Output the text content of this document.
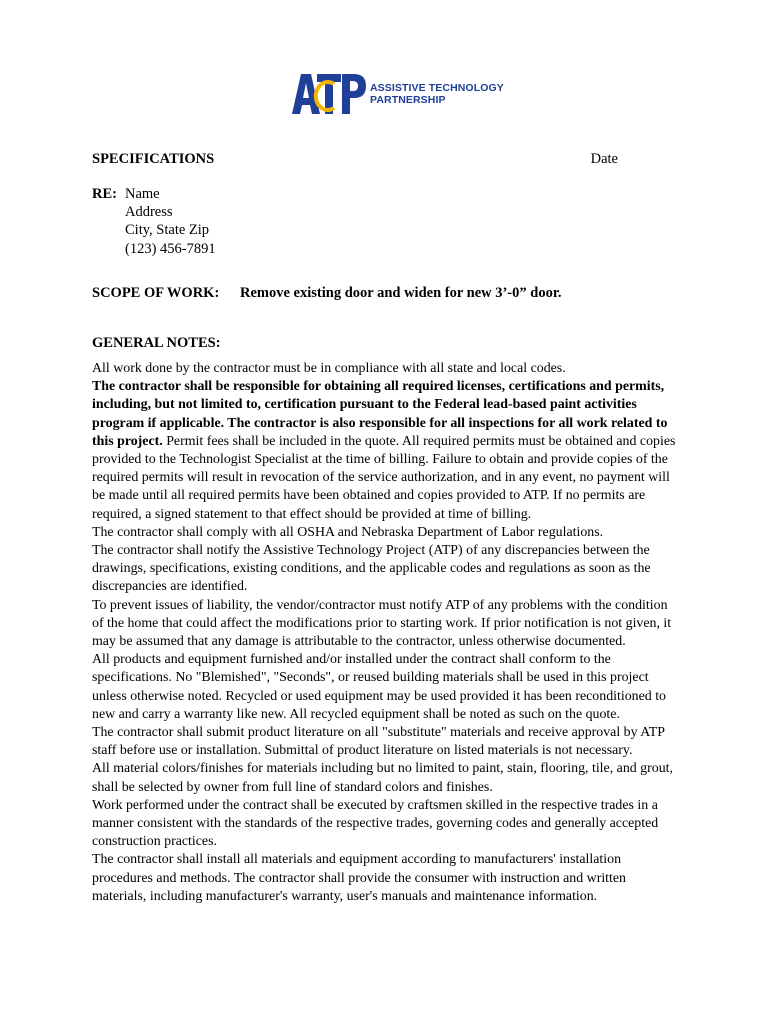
ASSISTIVE TECHNOLOGY
PARTNERSHIP
SPECIFICATIONS	Date
RE: Name
Address
City, State Zip
(123) 456-7891
SCOPE OF WORK: Remove existing door and widen for new 3’-0” door.
GENERAL NOTES:

All work done by the contractor must be in compliance with all state and local codes.

The contractor shall be responsible for obtaining all required licenses, certifications and permits, including, but not limited to, certification pursuant to the Federal lead-based paint activities program if applicable. The contractor is also responsible for all inspections for all work related to this project. Permit fees shall be included in the quote. All required permits must be obtained and copies provided to the Technologist Specialist at the time of billing. Failure to obtain and provide copies of the required permits will result in revocation of the service authorization, and in any event, no payment will be made until all required permits have been obtained and copies provided to ATP. If no permits are required, a signed statement to that effect should be provided at time of billing.

The contractor shall comply with all OSHA and Nebraska Department of Labor regulations.

The contractor shall notify the Assistive Technology Project (ATP) of any discrepancies between the drawings, specifications, existing conditions, and the applicable codes and regulations as soon as the discrepancies are identified.

To prevent issues of liability, the vendor/contractor must notify ATP of any problems with the condition of the home that could affect the modifications prior to starting work. If prior notification is not given, it may be assumed that any damage is attributable to the contractor, unless otherwise documented.

All products and equipment furnished and/or installed under the contract shall conform to the specifications. No "Blemished", "Seconds", or reused building materials shall be used in this project unless otherwise noted. Recycled or used equipment may be used provided it has been reconditioned to new and carry a warranty like new. All recycled equipment shall be noted as such on the quote.

The contractor shall submit product literature on all "substitute" materials and receive approval by ATP staff before use or installation. Submittal of product literature on listed materials is not necessary.

All material colors/finishes for materials including but no limited to paint, stain, flooring, tile, and grout, shall be selected by owner from full line of standard colors and finishes.

Work performed under the contract shall be executed by craftsmen skilled in the respective trades in a manner consistent with the standards of the respective trades, governing codes and generally accepted construction practices.

The contractor shall install all materials and equipment according to manufacturers' installation procedures and methods. The contractor shall provide the consumer with instruction and written materials, including manufacturer's warranty, user's manuals and maintenance information.
